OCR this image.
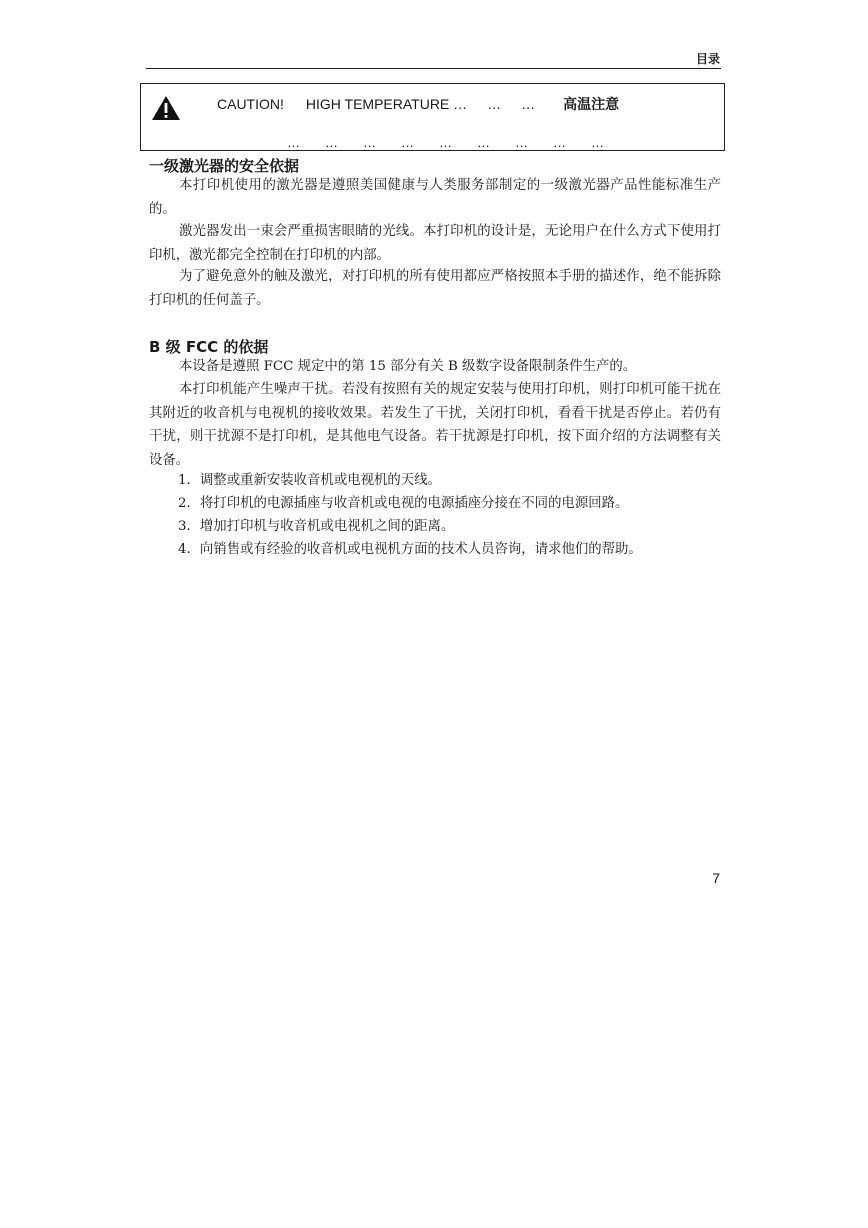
目录
CAUTION! HIGH TEMPERATURE … … … 高温注意
… … … … … … … … …
一级激光器的安全依据

本打印机使用的激光器是遵照美国健康与人类服务部制定的一级激光器产品性能标准生产的。

激光器发出一束会严重损害眼睛的光线。本打印机的设计是，无论用户在什么方式下使用打印机，激光都完全控制在打印机的内部。

为了避免意外的触及激光，对打印机的所有使用都应严格按照本手册的描述作，绝不能拆除打印机的任何盖子。

B 级 FCC 的依据

本设备是遵照 FCC 规定中的第 15 部分有关 B 级数字设备限制条件生产的。

本打印机能产生噪声干扰。若没有按照有关的规定安装与使用打印机，则打印机可能干扰在其附近的收音机与电视机的接收效果。若发生了干扰，关闭打印机，看看干扰是否停止。若仍有干扰，则干扰源不是打印机，是其他电气设备。若干扰源是打印机，按下面介绍的方法调整有关设备。

1．调整或重新安装收音机或电视机的天线。

2．将打印机的电源插座与收音机或电视的电源插座分接在不同的电源回路。

3．增加打印机与收音机或电视机之间的距离。

4．向销售或有经验的收音机或电视机方面的技术人员咨询，请求他们的帮助。

7
